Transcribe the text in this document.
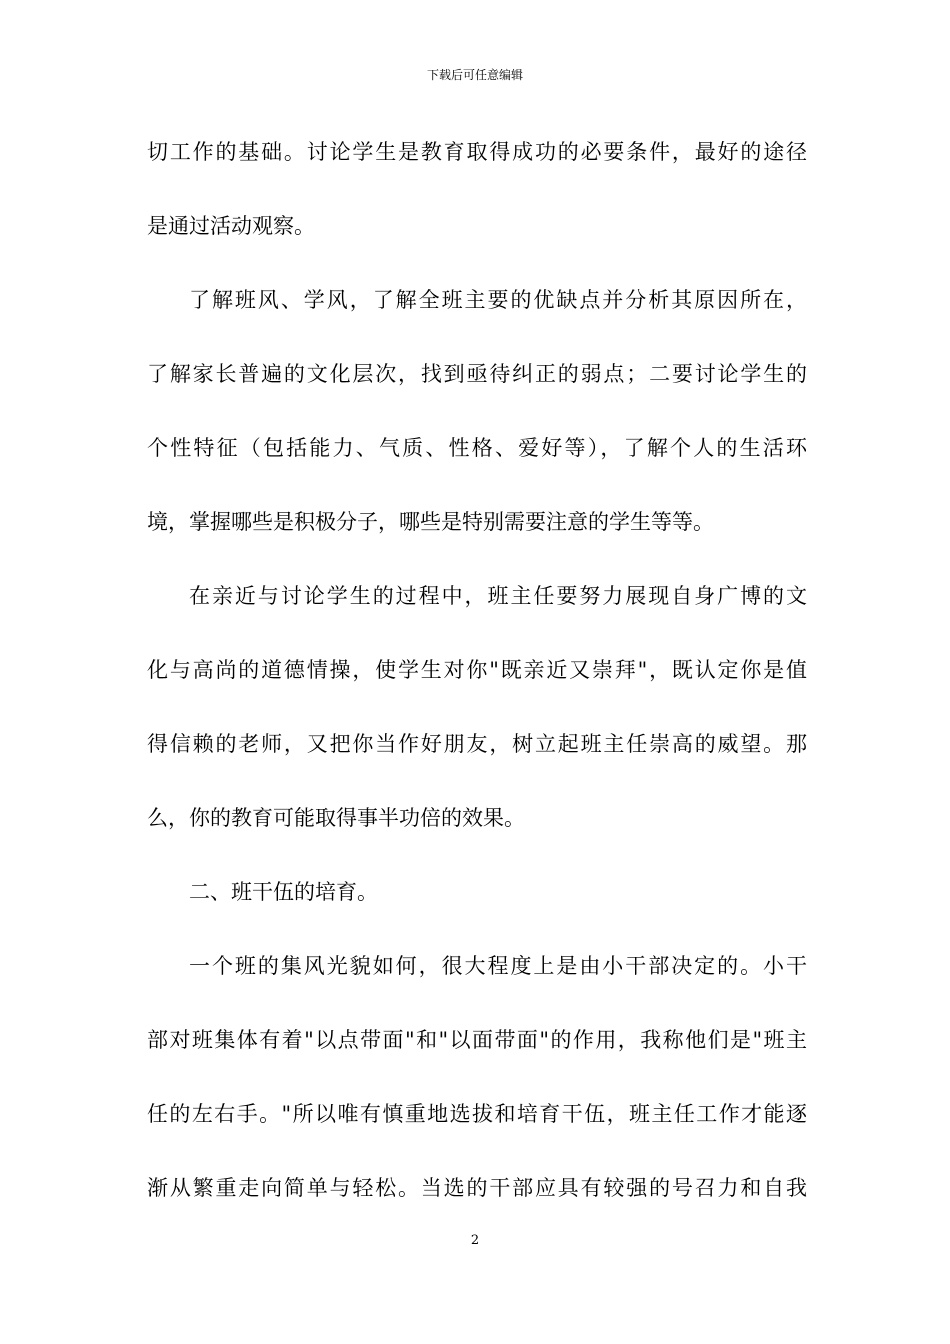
下载后可任意编辑
切工作的基础。讨论学生是教育取得成功的必要条件，最好的途径
是通过活动观察。
了解班风、学风，了解全班主要的优缺点并分析其原因所在，
了解家长普遍的文化层次，找到亟待纠正的弱点；二要讨论学生的
个性特征（包括能力、气质、性格、爱好等），了解个人的生活环
境，掌握哪些是积极分子，哪些是特别需要注意的学生等等。
在亲近与讨论学生的过程中，班主任要努力展现自身广博的文
化与高尚的道德情操，使学生对你"既亲近又崇拜"，既认定你是值
得信赖的老师，又把你当作好朋友，树立起班主任崇高的威望。那
么，你的教育可能取得事半功倍的效果。
二、班干伍的培育。
一个班的集风光貌如何，很大程度上是由小干部决定的。小干
部对班集体有着"以点带面"和"以面带面"的作用，我称他们是"班主
任的左右手。"所以唯有慎重地选拔和培育干伍，班主任工作才能逐
渐从繁重走向简单与轻松。当选的干部应具有较强的号召力和自我
2
